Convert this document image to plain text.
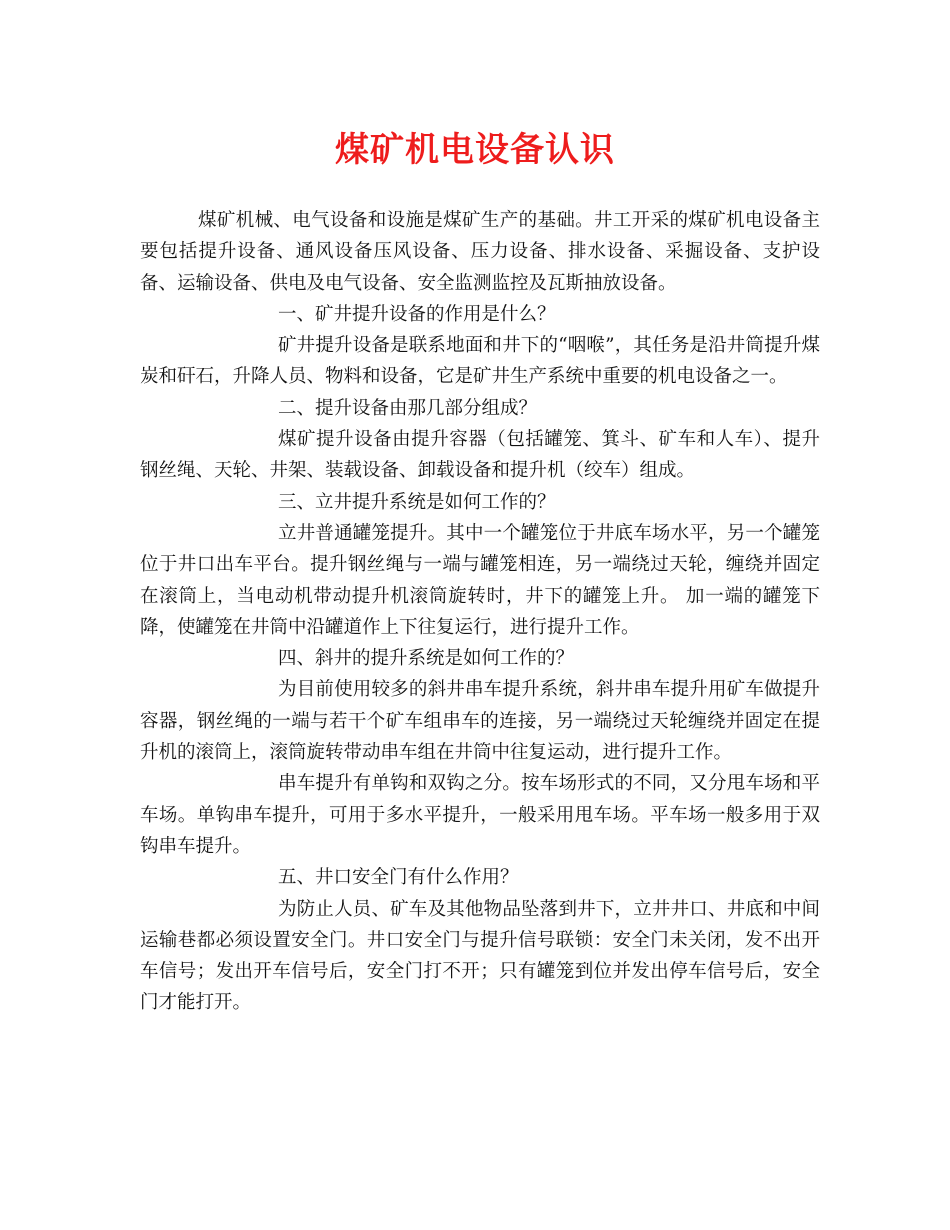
煤矿机电设备认识

煤矿机械、电气设备和设施是煤矿生产的基础。井工开采的煤矿机电设备主要包括提升设备、通风设备压风设备、压力设备、排水设备、采掘设备、支护设备、运输设备、供电及电气设备、安全监测监控及瓦斯抽放设备。

一、矿井提升设备的作用是什么？

矿井提升设备是联系地面和井下的“咽喉”，其任务是沿井筒提升煤炭和矸石，升降人员、物料和设备，它是矿井生产系统中重要的机电设备之一。

二、提升设备由那几部分组成？

煤矿提升设备由提升容器（包括罐笼、箕斗、矿车和人车）、提升钢丝绳、天轮、井架、装载设备、卸载设备和提升机（绞车）组成。

三、立井提升系统是如何工作的？

立井普通罐笼提升。其中一个罐笼位于井底车场水平，另一个罐笼位于井口出车平台。提升钢丝绳与一端与罐笼相连，另一端绕过天轮，缠绕并固定在滚筒上，当电动机带动提升机滚筒旋转时，井下的罐笼上升。 加一端的罐笼下降，使罐笼在井筒中沿罐道作上下往复运行，进行提升工作。

四、斜井的提升系统是如何工作的？

为目前使用较多的斜井串车提升系统，斜井串车提升用矿车做提升容器，钢丝绳的一端与若干个矿车组串车的连接，另一端绕过天轮缠绕并固定在提升机的滚筒上，滚筒旋转带动串车组在井筒中往复运动，进行提升工作。

串车提升有单钩和双钩之分。按车场形式的不同，又分甩车场和平车场。单钩串车提升，可用于多水平提升，一般采用甩车场。平车场一般多用于双钩串车提升。

五、井口安全门有什么作用？

为防止人员、矿车及其他物品坠落到井下，立井井口、井底和中间运输巷都必须设置安全门。井口安全门与提升信号联锁：安全门未关闭，发不出开车信号；发出开车信号后，安全门打不开；只有罐笼到位并发出停车信号后，安全门才能打开。
